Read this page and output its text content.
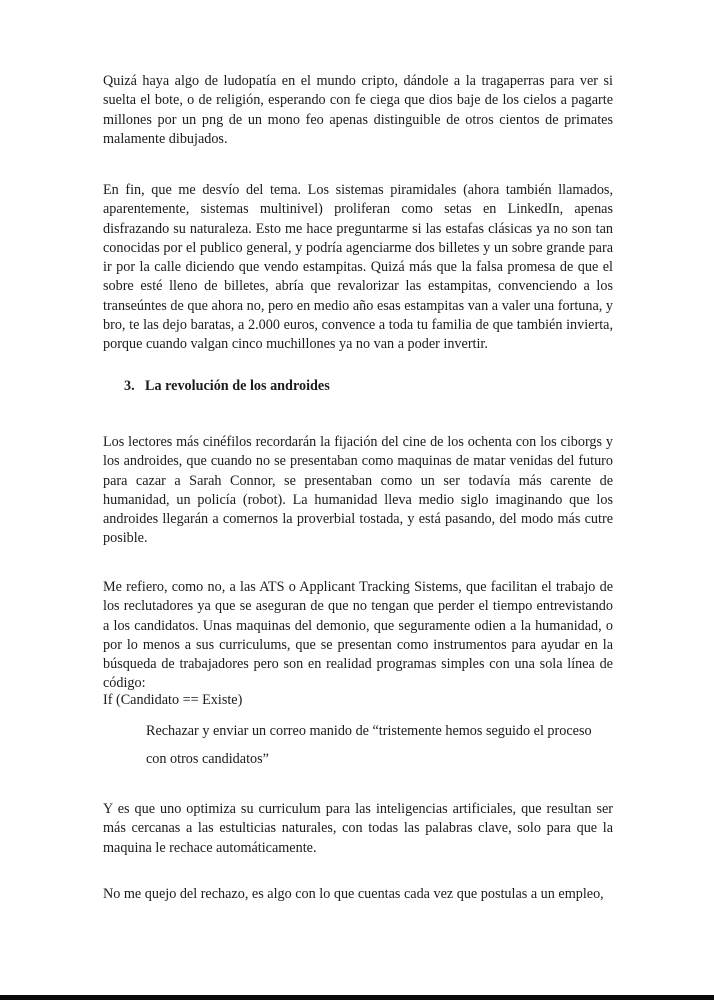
Quizá haya algo de ludopatía en el mundo cripto, dándole a la tragaperras para ver si suelta el bote, o de religión, esperando con fe ciega que dios baje de los cielos a pagarte millones por un png de un mono feo apenas distinguible de otros cientos de primates malamente dibujados.

En fin, que me desvío del tema. Los sistemas piramidales (ahora también llamados, aparentemente, sistemas multinivel) proliferan como setas en LinkedIn, apenas disfrazando su naturaleza. Esto me hace preguntarme si las estafas clásicas ya no son tan conocidas por el publico general, y podría agenciarme dos billetes y un sobre grande para ir por la calle diciendo que vendo estampitas. Quizá más que la falsa promesa de que el sobre esté lleno de billetes, abría que revalorizar las estampitas, convenciendo a los transeúntes de que ahora no, pero en medio año esas estampitas van a valer una fortuna, y bro, te las dejo baratas, a 2.000 euros, convence a toda tu familia de que también invierta, porque cuando valgan cinco muchillones ya no van a poder invertir.

3. La revolución de los androides

Los lectores más cinéfilos recordarán la fijación del cine de los ochenta con los ciborgs y los androides, que cuando no se presentaban como maquinas de matar venidas del futuro para cazar a Sarah Connor, se presentaban como un ser todavía más carente de humanidad, un policía (robot). La humanidad lleva medio siglo imaginando que los androides llegarán a comernos la proverbial tostada, y está pasando, del modo más cutre posible.

Me refiero, como no, a las ATS o Applicant Tracking Sistems, que facilitan el trabajo de los reclutadores ya que se aseguran de que no tengan que perder el tiempo entrevistando a los candidatos. Unas maquinas del demonio, que seguramente odien a la humanidad, o por lo menos a sus curriculums, que se presentan como instrumentos para ayudar en la búsqueda de trabajadores pero son en realidad programas simples con una sola línea de código:

If (Candidato == Existe)

Rechazar y enviar un correo manido de “tristemente hemos seguido el proceso

con otros candidatos”

Y es que uno optimiza su curriculum para las inteligencias artificiales, que resultan ser más cercanas a las estulticias naturales, con todas las palabras clave, solo para que la maquina le rechace automáticamente.

No me quejo del rechazo, es algo con lo que cuentas cada vez que postulas a un empleo,
